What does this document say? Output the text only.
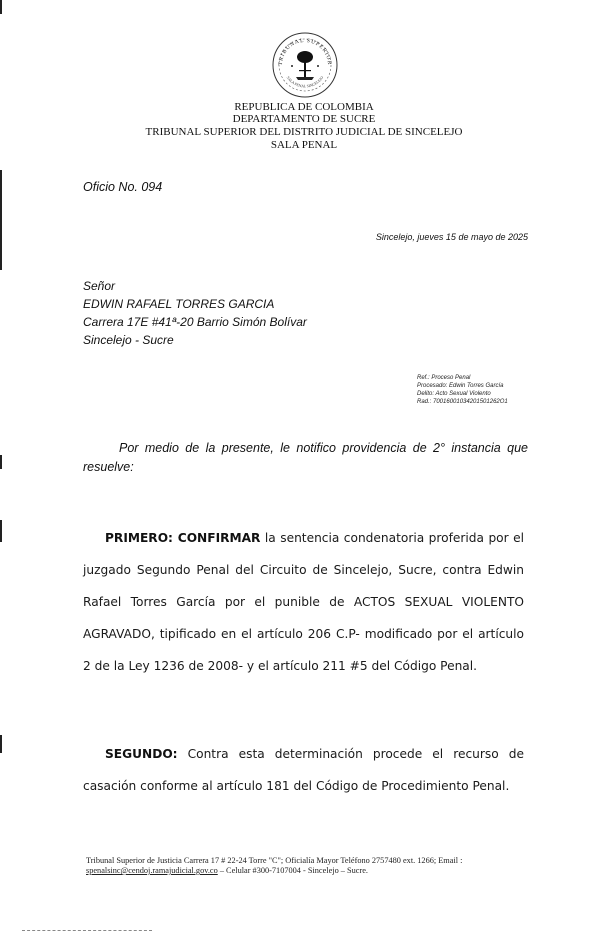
TRIBUNAL SUPERIOR
SALA PENAL SINCELEJO
REPUBLICA DE COLOMBIA
DEPARTAMENTO DE SUCRE
TRIBUNAL SUPERIOR DEL DISTRITO JUDICIAL DE SINCELEJO
SALA PENAL
Oficio No. 094
Sincelejo, jueves 15 de mayo de 2025
Señor
EDWIN RAFAEL TORRES GARCIA
Carrera 17E #41ª-20 Barrio Simón Bolívar
Sincelejo - Sucre
Ref.: Proceso Penal
Procesado: Edwin Torres García
Delito: Acto Sexual Violento
Rad.: 70016001034201501262O1
Por medio de la presente, le notifico providencia de 2° instancia que resuelve:
PRIMERO: CONFIRMAR la sentencia condenatoria proferida por el juzgado Segundo Penal del Circuito de Sincelejo, Sucre, contra Edwin Rafael Torres García por el punible de ACTOS SEXUAL VIOLENTO AGRAVADO, tipificado en el artículo 206 C.P- modificado por el artículo 2 de la Ley 1236 de 2008- y el artículo 211 #5 del Código Penal.
SEGUNDO: Contra esta determinación procede el recurso de casación conforme al artículo 181 del Código de Procedimiento Penal.
Tribunal Superior de Justicia Carrera 17 # 22-24 Torre "C"; Oficialía Mayor Teléfono 2757480 ext. 1266; Email : spenalsinc@cendoj.ramajudicial.gov.co – Celular #300-7107004 - Sincelejo – Sucre.
